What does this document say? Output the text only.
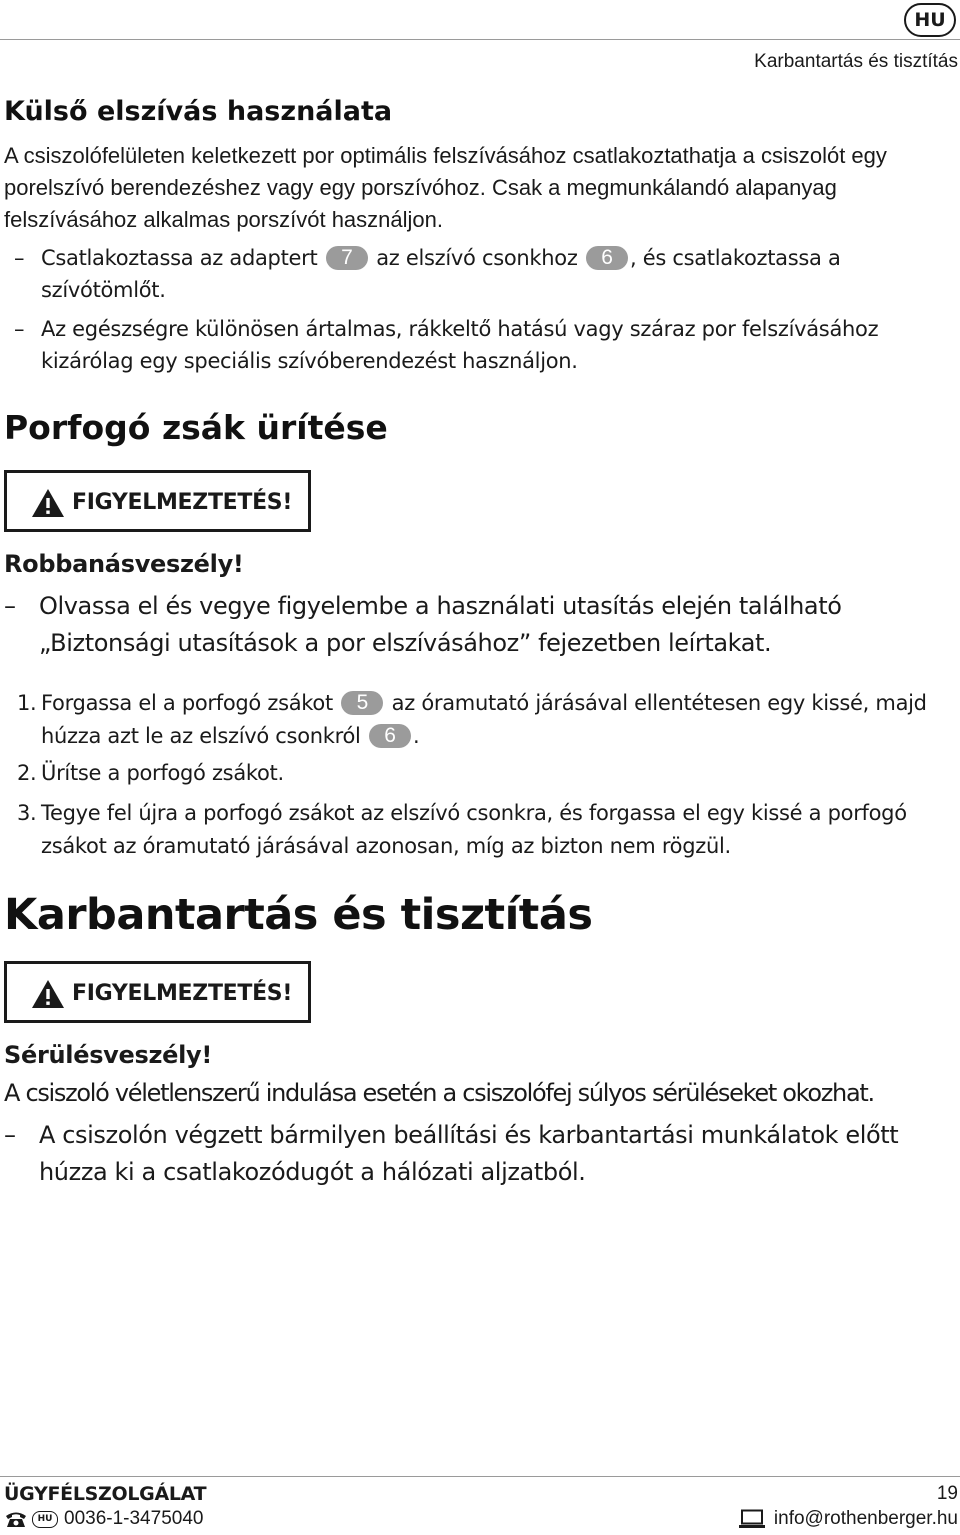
HU
Karbantartás és tisztítás
Külső elszívás használata
A csiszolófelületen keletkezett por optimális felszívásához csatlakoztathatja a csiszolót egy porelszívó berendezéshez vagy egy porszívóhoz. Csak a megmunkálandó alapanyag felszívásához alkalmas porszívót használjon.
– Csatlakoztassa az adaptert 7 az elszívó csonkhoz 6 , és csatlakoztassa a szívótömlőt.
– Az egészségre különösen ártalmas, rákkeltő hatású vagy száraz por felszívásához kizárólag egy speciális szívóberendezést használjon.
Porfogó zsák ürítése
FIGYELMEZTETÉS!
Robbanásveszély!
– Olvassa el és vegye figyelembe a használati utasítás elején található „Biztonsági utasítások a por elszívásához” fejezetben leírtakat.
1. Forgassa el a porfogó zsákot 5 az óramutató járásával ellentétesen egy kissé, majd húzza azt le az elszívó csonkról 6 .
2. Ürítse a porfogó zsákot.
3. Tegye fel újra a porfogó zsákot az elszívó csonkra, és forgassa el egy kissé a porfogó zsákot az óramutató járásával azonosan, míg az bizton nem rögzül.
Karbantartás és tisztítás
FIGYELMEZTETÉS!
Sérülésveszély!
A csiszoló véletlenszerű indulása esetén a csiszolófej súlyos sérüléseket okozhat.
– A csiszolón végzett bármilyen beállítási és karbantartási munkálatok előtt húzza ki a csatlakozódugót a hálózati aljzatból.
ÜGYFÉLSZOLGÁLAT	19
HU 0036-1-3475040	info@rothenberger.hu
